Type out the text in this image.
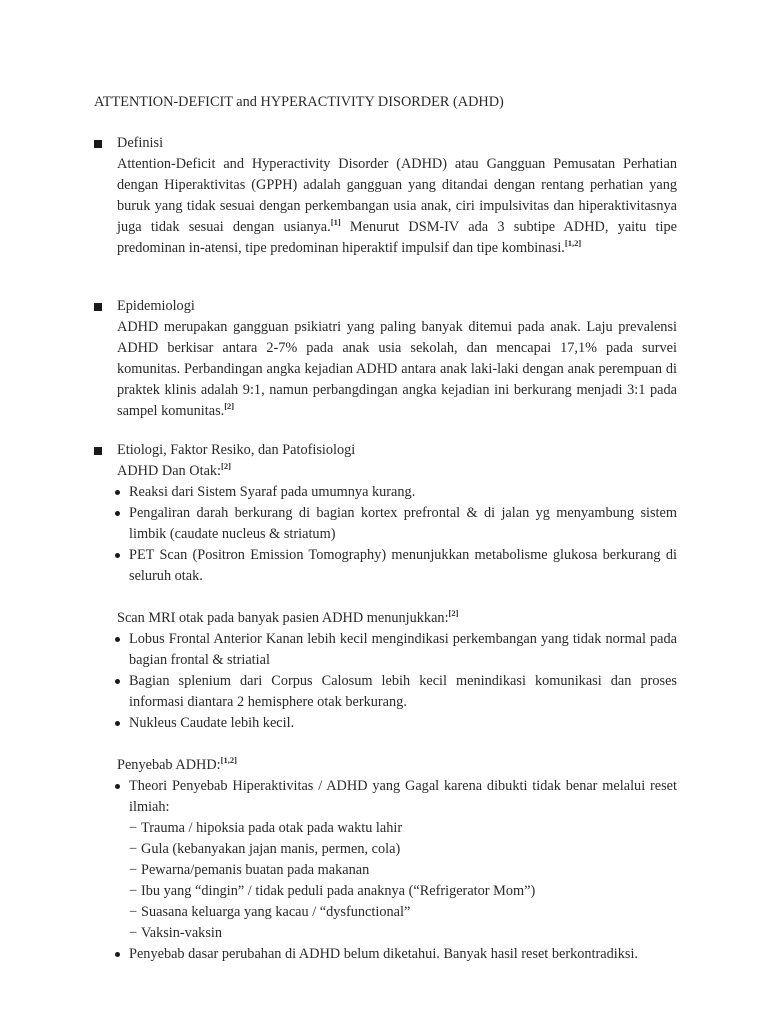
ATTENTION-DEFICIT and HYPERACTIVITY DISORDER (ADHD)
Definisi
Attention-Deficit and Hyperactivity Disorder (ADHD) atau Gangguan Pemusatan Perhatian dengan Hiperaktivitas (GPPH) adalah gangguan yang ditandai dengan rentang perhatian yang buruk yang tidak sesuai dengan perkembangan usia anak, ciri impulsivitas dan hiperaktivitasnya juga tidak sesuai dengan usianya.[1] Menurut DSM-IV ada 3 subtipe ADHD, yaitu tipe predominan in-atensi, tipe predominan hiperaktif impulsif dan tipe kombinasi.[1,2]
Epidemiologi
ADHD merupakan gangguan psikiatri yang paling banyak ditemui pada anak. Laju prevalensi ADHD berkisar antara 2-7% pada anak usia sekolah, dan mencapai 17,1% pada survei komunitas. Perbandingan angka kejadian ADHD antara anak laki-laki dengan anak perempuan di praktek klinis adalah 9:1, namun perbangdingan angka kejadian ini berkurang menjadi 3:1 pada sampel komunitas.[2]
Etiologi, Faktor Resiko, dan Patofisiologi
ADHD Dan Otak:[2]
Reaksi dari Sistem Syaraf pada umumnya kurang.
Pengaliran darah berkurang di bagian kortex prefrontal & di jalan yg menyambung sistem limbik (caudate nucleus & striatum)
PET Scan (Positron Emission Tomography) menunjukkan metabolisme glukosa berkurang di seluruh otak.
Scan MRI otak pada banyak pasien ADHD menunjukkan:[2]
Lobus Frontal Anterior Kanan lebih kecil mengindikasi perkembangan yang tidak normal pada bagian frontal & striatial
Bagian splenium dari Corpus Calosum lebih kecil menindikasi komunikasi dan proses informasi diantara 2 hemisphere otak berkurang.
Nukleus Caudate lebih kecil.
Penyebab ADHD:[1,2]
Theori Penyebab Hiperaktivitas / ADHD yang Gagal karena dibukti tidak benar melalui reset ilmiah:
− Trauma / hipoksia pada otak pada waktu lahir
− Gula (kebanyakan jajan manis, permen, cola)
− Pewarna/pemanis buatan pada makanan
− Ibu yang “dingin” / tidak peduli pada anaknya (“Refrigerator Mom”)
− Suasana keluarga yang kacau / “dysfunctional”
− Vaksin-vaksin
Penyebab dasar perubahan di ADHD belum diketahui. Banyak hasil reset berkontradiksi.
